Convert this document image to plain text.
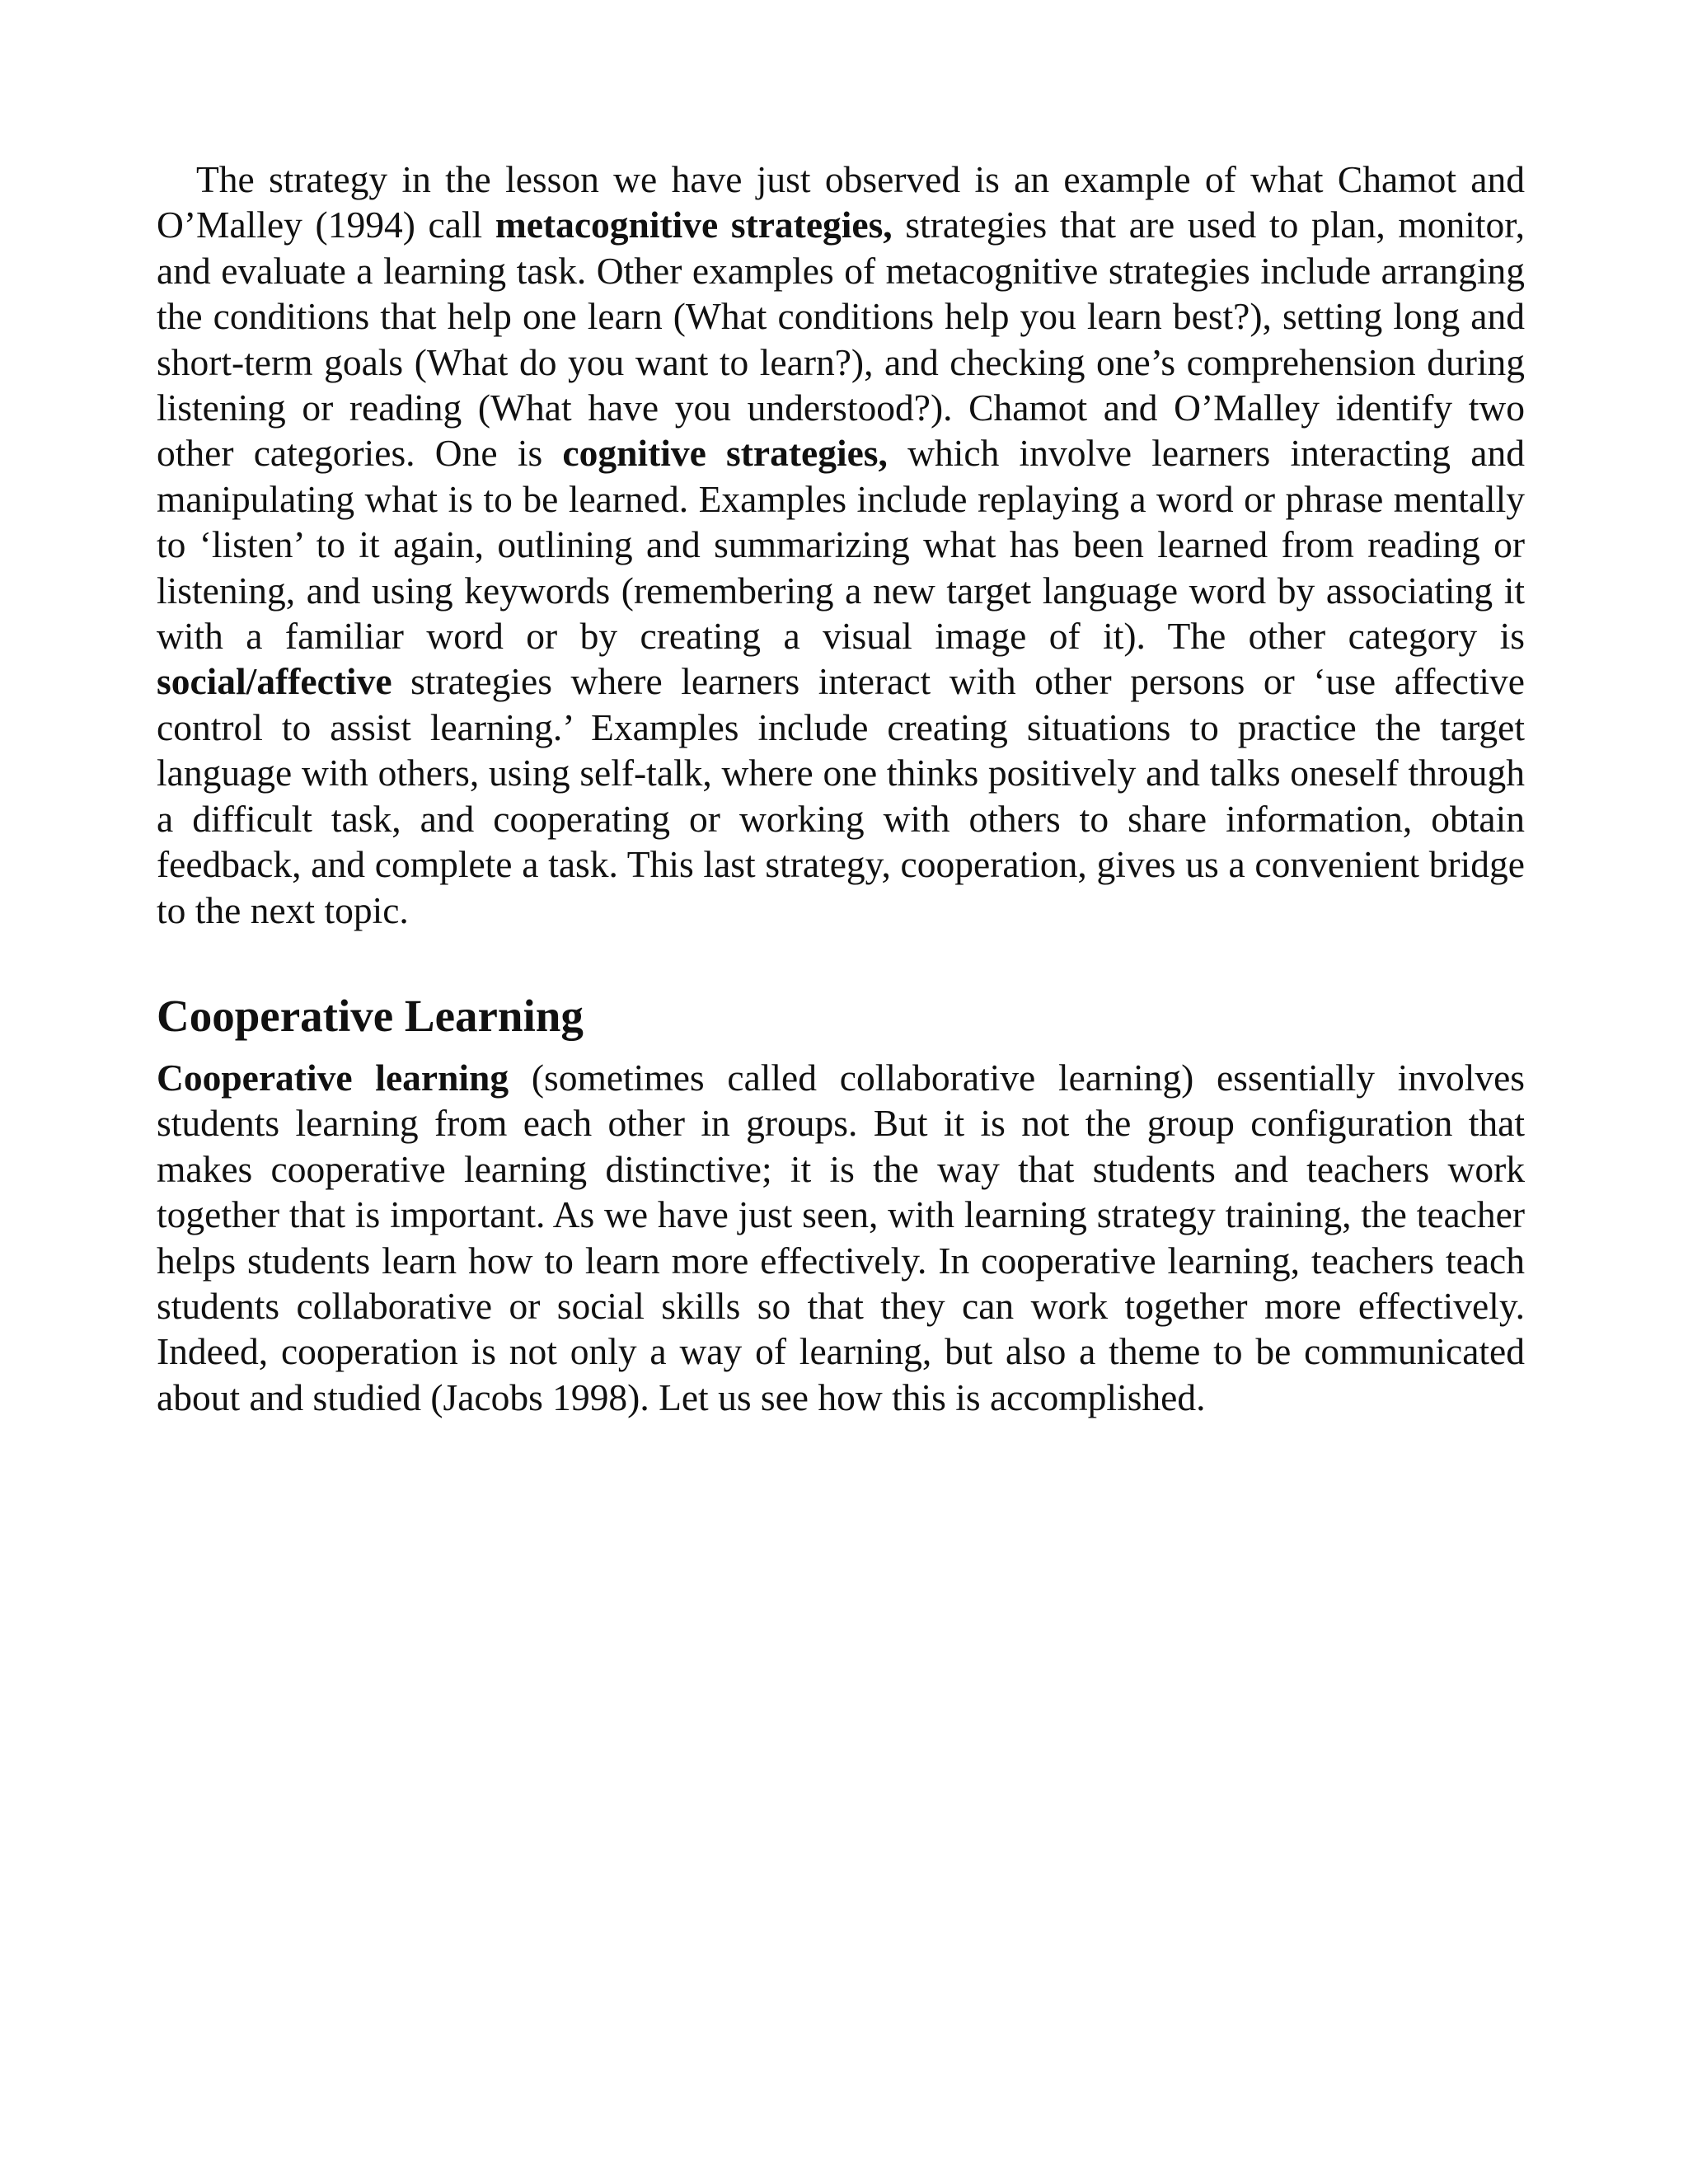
The strategy in the lesson we have just observed is an example of what Chamot and O’Malley (1994) call metacognitive strategies, strategies that are used to plan, monitor, and evaluate a learning task. Other examples of metacognitive strategies include arranging the conditions that help one learn (What conditions help you learn best?), setting long and short-term goals (What do you want to learn?), and checking one’s comprehension during listening or reading (What have you understood?). Chamot and O’Malley identify two other categories. One is cognitive strategies, which involve learners interacting and manipulating what is to be learned. Examples include replaying a word or phrase mentally to ‘listen’ to it again, outlining and summarizing what has been learned from reading or listening, and using keywords (remembering a new target language word by associating it with a familiar word or by creating a visual image of it). The other category is social/affective strategies where learners interact with other persons or ‘use affective control to assist learning.’ Examples include creating situations to practice the target language with others, using self-talk, where one thinks positively and talks oneself through a difficult task, and cooperating or working with others to share information, obtain feedback, and complete a task. This last strategy, cooperation, gives us a convenient bridge to the next topic.

Cooperative Learning

Cooperative learning (sometimes called collaborative learning) essentially involves students learning from each other in groups. But it is not the group configuration that makes cooperative learning distinctive; it is the way that students and teachers work together that is important. As we have just seen, with learning strategy training, the teacher helps students learn how to learn more effectively. In cooperative learning, teachers teach students collaborative or social skills so that they can work together more effectively. Indeed, cooperation is not only a way of learning, but also a theme to be communicated about and studied (Jacobs 1998). Let us see how this is accomplished.
